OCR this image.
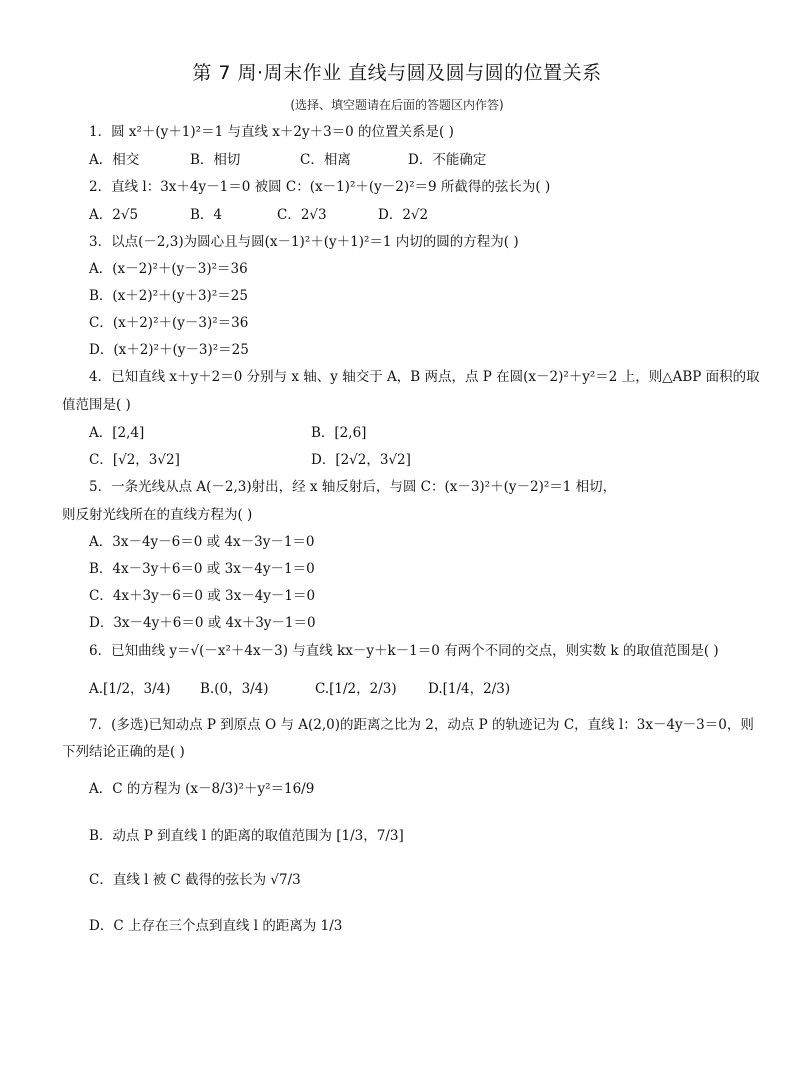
第 7 周·周末作业 直线与圆及圆与圆的位置关系
(选择、填空题请在后面的答题区内作答)
1．圆 x²＋(y＋1)²＝1 与直线 x＋2y＋3＝0 的位置关系是( )
A．相交	B．相切	C．相离	D．不能确定
2．直线 l：3x＋4y－1＝0 被圆 C：(x－1)²＋(y－2)²＝9 所截得的弦长为( )
A．2√5	B．4	C．2√3	D．2√2
3．以点(－2,3)为圆心且与圆(x－1)²＋(y＋1)²＝1 内切的圆的方程为( )
A．(x－2)²＋(y－3)²＝36
B．(x＋2)²＋(y＋3)²＝25
C．(x＋2)²＋(y－3)²＝36
D．(x＋2)²＋(y－3)²＝25
4．已知直线 x＋y＋2＝0 分别与 x 轴、y 轴交于 A，B 两点，点 P 在圆(x－2)²＋y²＝2 上，则△ABP 面积的取
值范围是( )
A．[2,4]	B．[2,6]
C．[√2，3√2]	D．[2√2，3√2]
5．一条光线从点 A(－2,3)射出，经 x 轴反射后，与圆 C：(x－3)²＋(y－2)²＝1 相切，
则反射光线所在的直线方程为( )
A．3x－4y－6＝0 或 4x－3y－1＝0
B．4x－3y＋6＝0 或 3x－4y－1＝0
C．4x＋3y－6＝0 或 3x－4y－1＝0
D．3x－4y＋6＝0 或 4x＋3y－1＝0
6．已知曲线 y＝√(－x²＋4x－3) 与直线 kx－y＋k－1＝0 有两个不同的交点，则实数 k 的取值范围是( )
A.[1/2，3/4) B.(0，3/4)	C.[1/2，2/3) D.[1/4，2/3)
7．(多选)已知动点 P 到原点 O 与 A(2,0)的距离之比为 2，动点 P 的轨迹记为 C，直线 l：3x－4y－3＝0，则
下列结论正确的是( )
A．C 的方程为 (x－8/3)²＋y²＝16/9
B．动点 P 到直线 l 的距离的取值范围为 [1/3，7/3]
C．直线 l 被 C 截得的弦长为 √7/3
D．C 上存在三个点到直线 l 的距离为 1/3
